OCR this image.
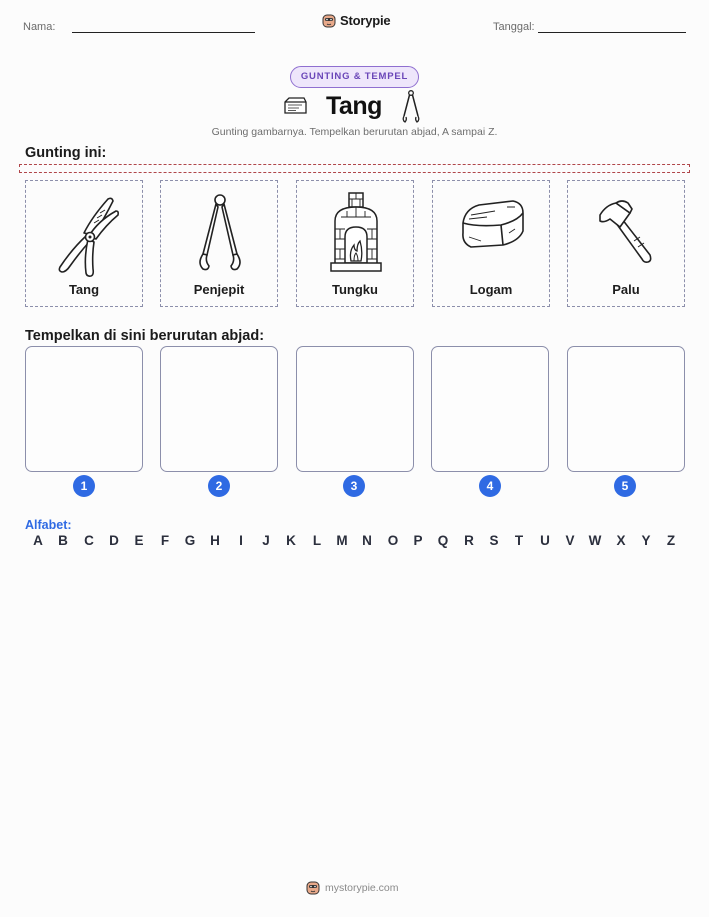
Nama:	Storypie	Tanggal:
GUNTING & TEMPEL
Tang
Gunting gambarnya. Tempelkan berurutan abjad, A sampai Z.
Gunting ini:
Tang	Penjepit	Tungku	Logam	Palu
Tempelkan di sini berurutan abjad:
1	2	3	4	5
Alfabet:
A	B	C	D	E	F	G	H	I	J	K	L	M	N	O	P	Q	R	S	T	U	V	W	X	Y	Z
mystorypie.com
